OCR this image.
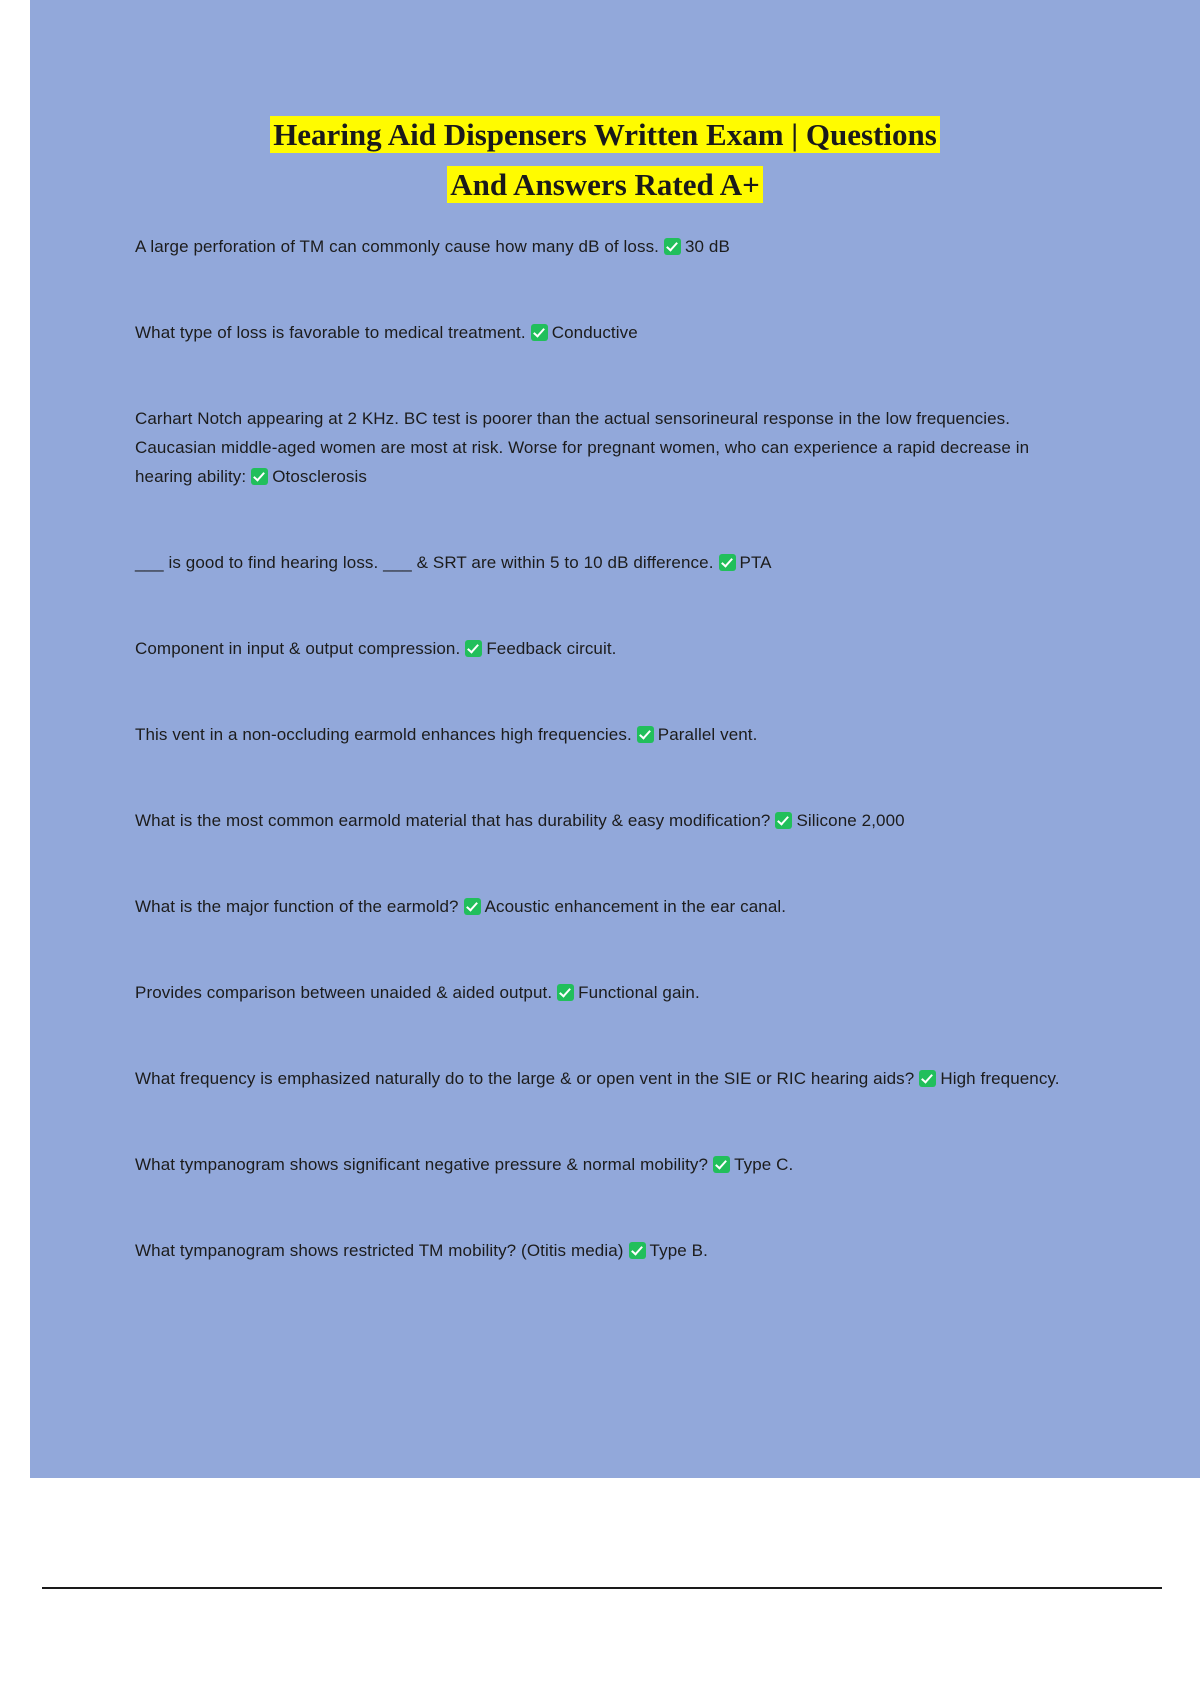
Hearing Aid Dispensers Written Exam | Questions
And Answers Rated A+
A large perforation of TM can commonly cause how many dB of loss. 30 dB
What type of loss is favorable to medical treatment. Conductive
Carhart Notch appearing at 2 KHz. BC test is poorer than the actual sensorineural response in the low frequencies. Caucasian middle-aged women are most at risk. Worse for pregnant women, who can experience a rapid decrease in hearing ability: Otosclerosis
___ is good to find hearing loss. ___ & SRT are within 5 to 10 dB difference. PTA
Component in input & output compression. Feedback circuit.
This vent in a non-occluding earmold enhances high frequencies. Parallel vent.
What is the most common earmold material that has durability & easy modification? Silicone 2,000
What is the major function of the earmold? Acoustic enhancement in the ear canal.
Provides comparison between unaided & aided output. Functional gain.
What frequency is emphasized naturally do to the large & or open vent in the SIE or RIC hearing aids? High frequency.
What tympanogram shows significant negative pressure & normal mobility? Type C.
What tympanogram shows restricted TM mobility? (Otitis media) Type B.
